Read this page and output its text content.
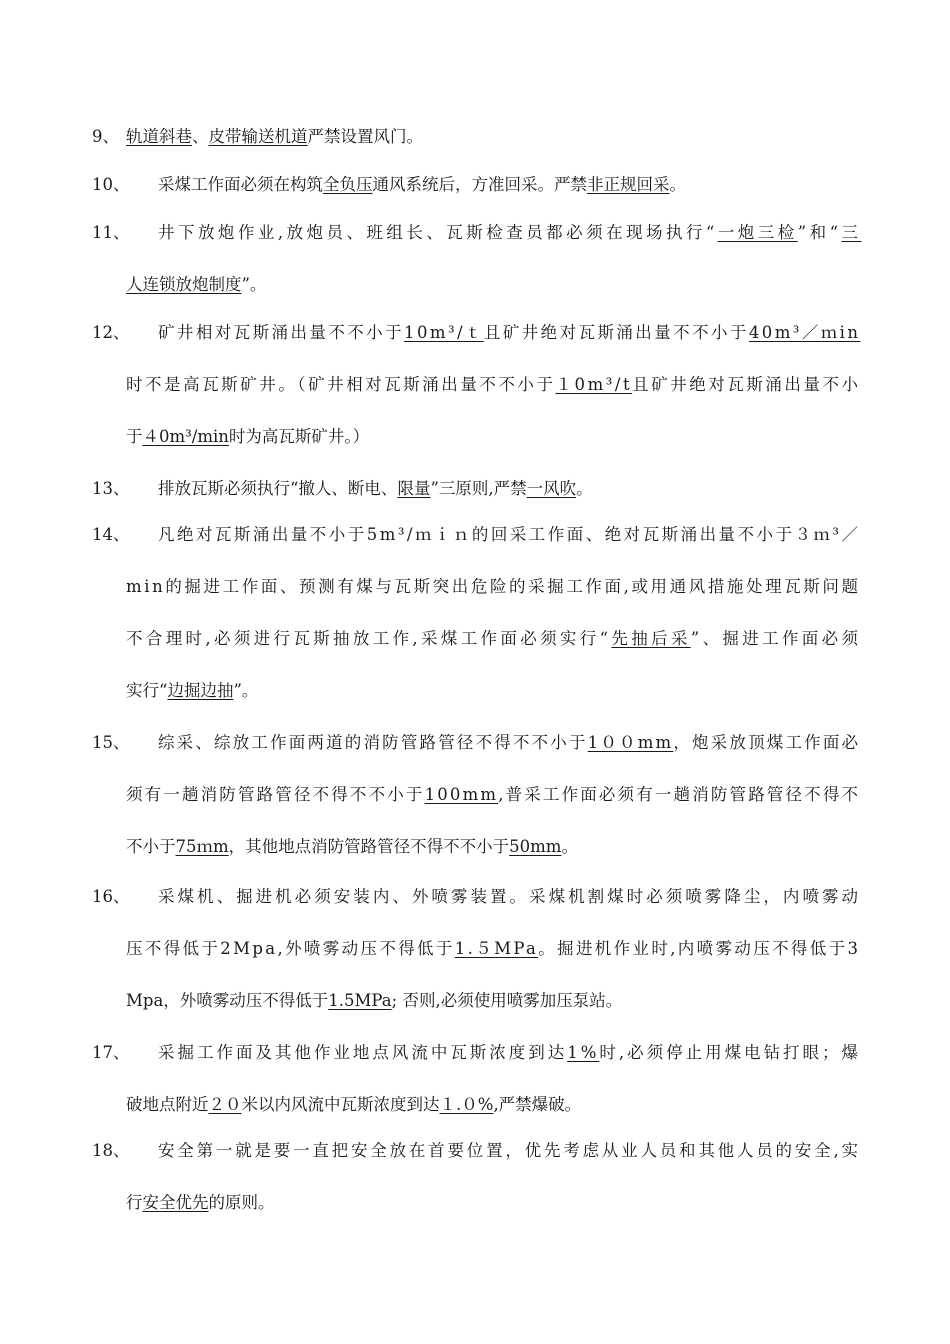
9、 轨道斜巷、皮带输送机道严禁设置风门。
10、 采煤工作面必须在构筑全负压通风系统后，方准回采。严禁非正规回采。
11、 井下放炮作业,放炮员、班组长、瓦斯检查员都必须在现场执行“一炮三检”和“三
人连锁放炮制度”。
12、 矿井相对瓦斯涌出量不不小于10m³/ｔ且矿井绝对瓦斯涌出量不不小于40m³／ｍin
时不是高瓦斯矿井。（矿井相对瓦斯涌出量不不小于１0m³/t且矿井绝对瓦斯涌出量不小
于４0m³/min时为高瓦斯矿井。）
13、 排放瓦斯必须执行“撤人、断电、限量”三原则,严禁一风吹。
14、 凡绝对瓦斯涌出量不小于5m³/ｍｉｎ的回采工作面、绝对瓦斯涌出量不小于３ｍ³／
min的掘进工作面、预测有煤与瓦斯突出危险的采掘工作面,或用通风措施处理瓦斯问题
不合理时,必须进行瓦斯抽放工作,采煤工作面必须实行“先抽后采”、掘进工作面必须
实行“边掘边抽”。
15、 综采、综放工作面两道的消防管路管径不得不不小于1００mm，炮采放顶煤工作面必
须有一趟消防管路管径不得不不小于100mm,普采工作面必须有一趟消防管路管径不得不
不小于75ｍm，其他地点消防管路管径不得不不小于50mm。
16、 采煤机、掘进机必须安装内、外喷雾装置。采煤机割煤时必须喷雾降尘，内喷雾动
压不得低于2Mpa,外喷雾动压不得低于1.５MPa。掘进机作业时,内喷雾动压不得低于3
Mpa，外喷雾动压不得低于1.5MPa; 否则,必须使用喷雾加压泵站。
17、 采掘工作面及其他作业地点风流中瓦斯浓度到达1%时,必须停止用煤电钻打眼；爆
破地点附近２０米以内风流中瓦斯浓度到达１.０%,严禁爆破。
18、 安全第一就是要一直把安全放在首要位置，优先考虑从业人员和其他人员的安全,实
行安全优先的原则。
